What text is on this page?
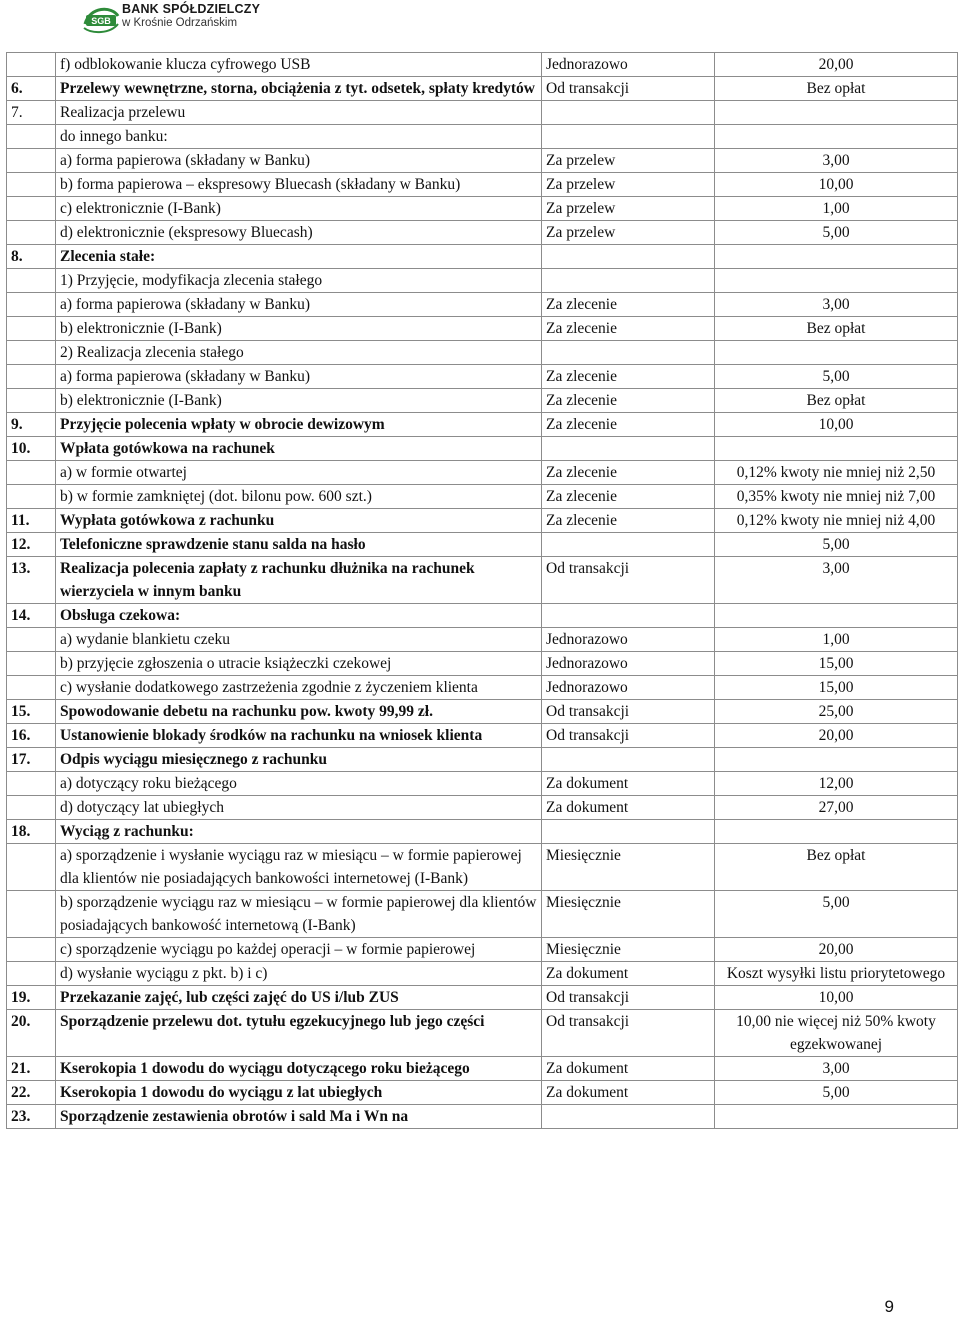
SGB
BANK SPÓŁDZIELCZY
w Krośnie Odrzańskim
	f) odblokowanie klucza cyfrowego USB	Jednorazowo	20,00
6.	Przelewy wewnętrzne, storna, obciążenia z tyt. odsetek, spłaty kredytów	Od transakcji	Bez opłat
7.	Realizacja przelewu		
	do innego banku:		
	a) forma papierowa (składany w Banku)	Za przelew	3,00
	b) forma papierowa – ekspresowy Bluecash (składany w Banku)	Za przelew	10,00
	c) elektronicznie (I-Bank)	Za przelew	1,00
	d) elektronicznie (ekspresowy Bluecash)	Za przelew	5,00
8.	Zlecenia stałe:		
	1) Przyjęcie, modyfikacja zlecenia stałego		
	a) forma papierowa (składany w Banku)	Za zlecenie	3,00
	b) elektronicznie (I-Bank)	Za zlecenie	Bez opłat
	2) Realizacja zlecenia stałego		
	a) forma papierowa (składany w Banku)	Za zlecenie	5,00
	b) elektronicznie (I-Bank)	Za zlecenie	Bez opłat
9.	Przyjęcie polecenia wpłaty w obrocie dewizowym	Za zlecenie	10,00
10.	Wpłata gotówkowa na rachunek		
	a) w formie otwartej	Za zlecenie	0,12% kwoty nie mniej niż 2,50
	b) w formie zamkniętej (dot. bilonu pow. 600 szt.)	Za zlecenie	0,35% kwoty nie mniej niż 7,00
11.	Wypłata gotówkowa z rachunku	Za zlecenie	0,12% kwoty nie mniej niż 4,00
12.	Telefoniczne sprawdzenie stanu salda na hasło		5,00
13.	Realizacja polecenia zapłaty z rachunku dłużnika na rachunek wierzyciela w innym banku	Od transakcji	3,00
14.	Obsługa czekowa:		
	a) wydanie blankietu czeku	Jednorazowo	1,00
	b) przyjęcie zgłoszenia o utracie książeczki czekowej	Jednorazowo	15,00
	c) wysłanie dodatkowego zastrzeżenia zgodnie z życzeniem klienta	Jednorazowo	15,00
15.	Spowodowanie debetu na rachunku pow. kwoty 99,99 zł.	Od transakcji	25,00
16.	Ustanowienie blokady środków na rachunku na wniosek klienta	Od transakcji	20,00
17.	Odpis wyciągu miesięcznego z rachunku		
	a) dotyczący roku bieżącego	Za dokument	12,00
	d) dotyczący lat ubiegłych	Za dokument	27,00
18.	Wyciąg z rachunku:		
	a) sporządzenie i wysłanie wyciągu raz w miesiącu – w formie papierowej dla klientów nie posiadających bankowości internetowej (I-Bank)	Miesięcznie	Bez opłat
	b) sporządzenie wyciągu raz w miesiącu – w formie papierowej dla klientów posiadających bankowość internetową (I-Bank)	Miesięcznie	5,00
	c) sporządzenie wyciągu po każdej operacji – w formie papierowej	Miesięcznie	20,00
	d) wysłanie wyciągu z pkt. b) i c)	Za dokument	Koszt wysyłki listu priorytetowego
19.	Przekazanie zajęć, lub części zajęć do US i/lub ZUS	Od transakcji	10,00
20.	Sporządzenie przelewu dot. tytułu egzekucyjnego lub jego części	Od transakcji	10,00 nie więcej niż 50% kwoty egzekwowanej
21.	Kserokopia 1 dowodu do wyciągu dotyczącego roku bieżącego	Za dokument	3,00
22.	Kserokopia 1 dowodu do wyciągu z lat ubiegłych	Za dokument	5,00
23.	Sporządzenie zestawienia obrotów i sald Ma i Wn na		
9
